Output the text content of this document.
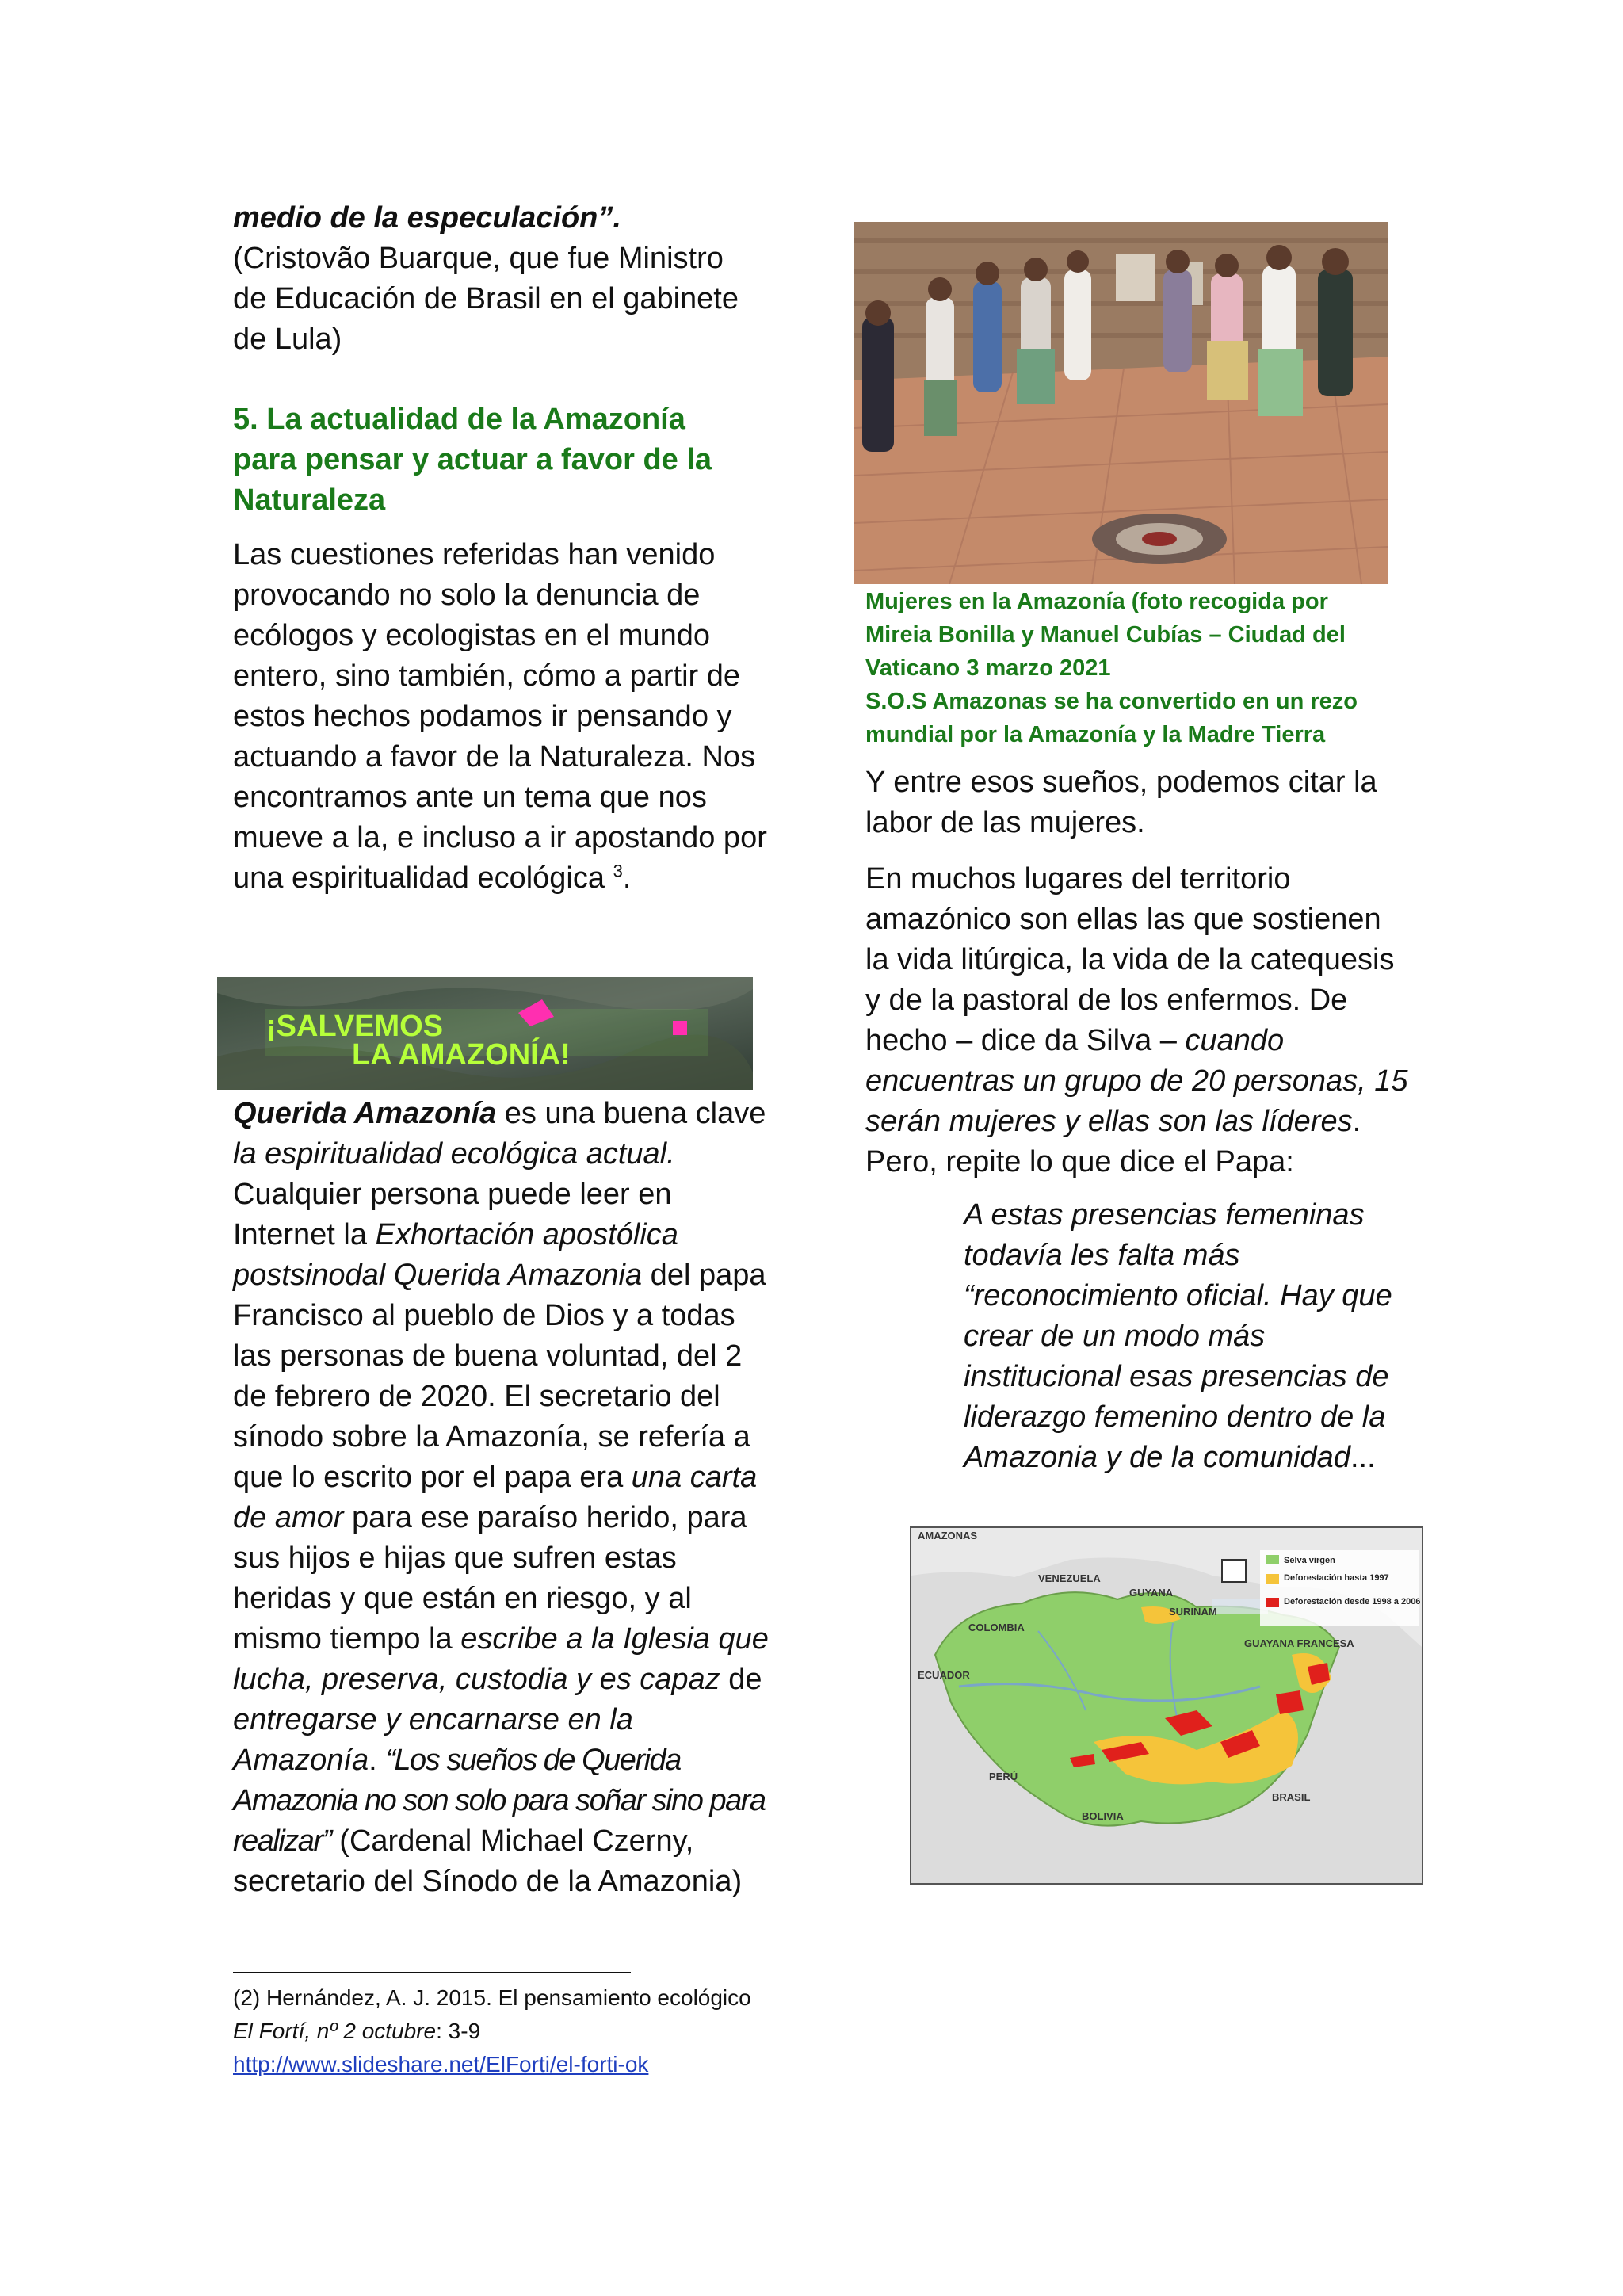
medio de la especulación”.

(Cristovão Buarque, que fue Ministro de Educación de Brasil en el gabinete de Lula)

5. La actualidad de la Amazonía para pensar y actuar a favor de la Naturaleza

Las cuestiones referidas han venido provocando no solo la denuncia de ecólogos y ecologistas en el mundo entero, sino también, cómo a partir de estos hechos podamos ir pensando y actuando a favor de la Naturaleza. Nos encontramos ante un tema que nos mueve a la, e incluso a ir apostando por una espiritualidad ecológica $^3$.

¡SALVEMOS
LA AMAZONÍA!

Querida Amazonía es una buena clave la espiritualidad ecológica actual. Cualquier persona puede leer en Internet la Exhortación apostólica postsinodal Querida Amazonia del papa Francisco al pueblo de Dios y a todas las personas de buena voluntad, del 2 de febrero de 2020. El secretario del sínodo sobre la Amazonía, se refería a que lo escrito por el papa era una carta de amor para ese paraíso herido, para sus hijos e hijas que sufren estas heridas y que están en riesgo, y al mismo tiempo la escribe a la Iglesia que lucha, preserva, custodia y es capaz de entregarse y encarnarse en la Amazonía. “Los sueños de Querida Amazonia no son solo para soñar sino para realizar” (Cardenal Michael Czerny, secretario del Sínodo de la Amazonia)

(2) Hernández, A. J. 2015. El pensamiento ecológico

El Fortí, nº 2 octubre: 3-9

http://www.slideshare.net/ElForti/el-forti-ok

Mujeres en la Amazonía (foto recogida por Mireia Bonilla y Manuel Cubías – Ciudad del Vaticano 3 marzo 2021

S.O.S Amazonas se ha convertido en un rezo mundial por la Amazonía y la Madre Tierra

Y entre esos sueños, podemos citar la labor de las mujeres.

En muchos lugares del territorio amazónico son ellas las que sostienen la vida litúrgica, la vida de la catequesis y de la pastoral de los enfermos. De hecho – dice da Silva – cuando encuentras un grupo de 20 personas, 15 serán mujeres y ellas son las líderes. Pero, repite lo que dice el Papa:

A estas presencias femeninas todavía les falta más “reconocimiento oficial. Hay que crear de un modo más institucional esas presencias de liderazgo femenino dentro de la Amazonia y de la comunidad...

AMAZONAS
Selva virgen
Deforestación hasta 1997
Deforestación desde 1998 a 2006
VENEZUELA
GUYANA
SURINAM
GUAYANA FRANCESA
COLOMBIA
ECUADOR
PERÚ
BOLIVIA
BRASIL
